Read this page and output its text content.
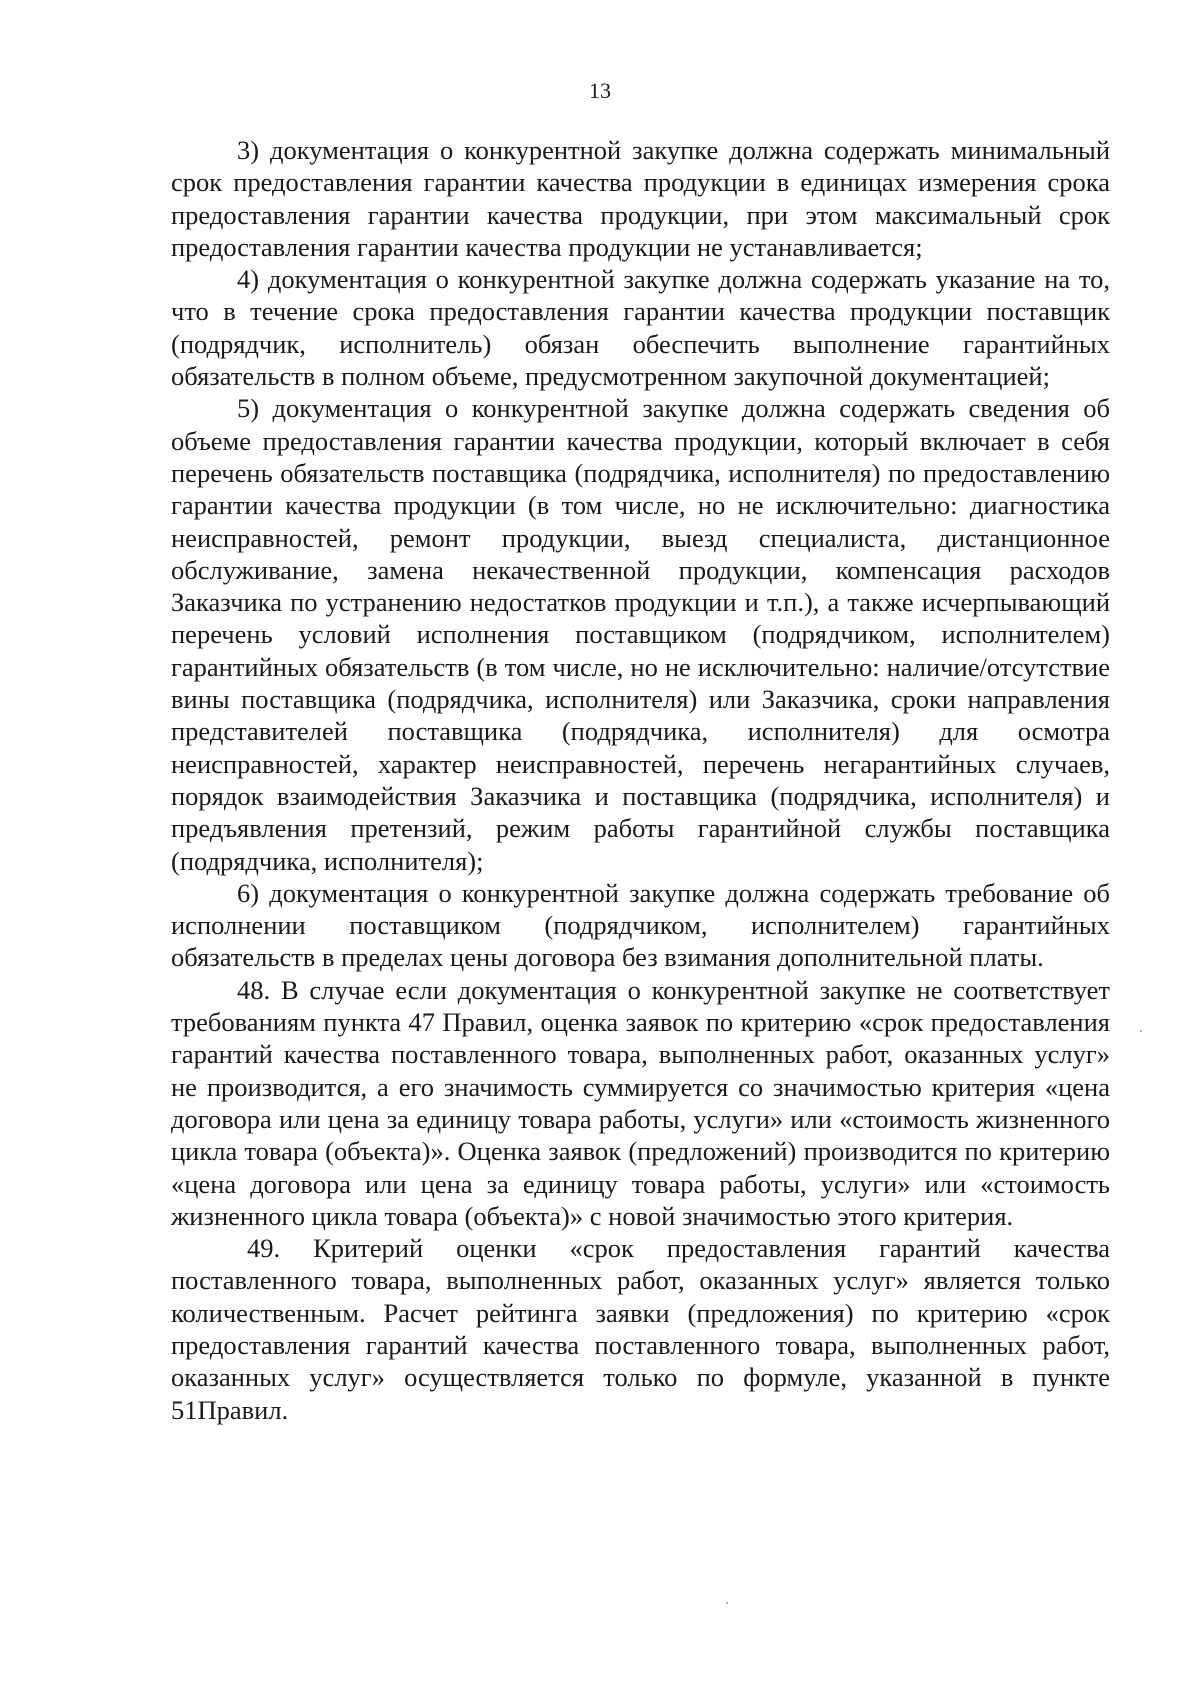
13

3) документация о конкурентной закупке должна содержать минимальный срок предоставления гарантии качества продукции в единицах измерения срока предоставления гарантии качества продукции, при этом максимальный срок предоставления гарантии качества продукции не устанавливается;

4) документация о конкурентной закупке должна содержать указание на то, что в течение срока предоставления гарантии качества продукции поставщик (подрядчик, исполнитель) обязан обеспечить выполнение гарантийных обязательств в полном объеме, предусмотренном закупочной документацией;

5) документация о конкурентной закупке должна содержать сведения об объеме предоставления гарантии качества продукции, который включает в себя перечень обязательств поставщика (подрядчика, исполнителя) по предоставлению гарантии качества продукции (в том числе, но не исключительно: диагностика неисправностей, ремонт продукции, выезд специалиста, дистанционное обслуживание, замена некачественной продукции, компенсация расходов Заказчика по устранению недостатков продукции и т.п.), а также исчерпывающий перечень условий исполнения поставщиком (подрядчиком, исполнителем) гарантийных обязательств (в том числе, но не исключительно: наличие/отсутствие вины поставщика (подрядчика, исполнителя) или Заказчика, сроки направления представителей поставщика (подрядчика, исполнителя) для осмотра неисправностей, характер неисправностей, перечень негарантийных случаев, порядок взаимодействия Заказчика и поставщика (подрядчика, исполнителя) и предъявления претензий, режим работы гарантийной службы поставщика (подрядчика, исполнителя);

6) документация о конкурентной закупке должна содержать требование об исполнении поставщиком (подрядчиком, исполнителем) гарантийных обязательств в пределах цены договора без взимания дополнительной платы.

48. В случае если документация о конкурентной закупке не соответствует требованиям пункта 47 Правил, оценка заявок по критерию «срок предоставления гарантий качества поставленного товара, выполненных работ, оказанных услуг» не производится, а его значимость суммируется со значимостью критерия «цена договора или цена за единицу товара работы, услуги» или «стоимость жизненного цикла товара (объекта)». Оценка заявок (предложений) производится по критерию «цена договора или цена за единицу товара работы, услуги» или «стоимость жизненного цикла товара (объекта)» с новой значимостью этого критерия.

49. Критерий оценки «срок предоставления гарантий качества поставленного товара, выполненных работ, оказанных услуг» является только количественным. Расчет рейтинга заявки (предложения) по критерию «срок предоставления гарантий качества поставленного товара, выполненных работ, оказанных услуг» осуществляется только по формуле, указанной в пункте 51Правил.
